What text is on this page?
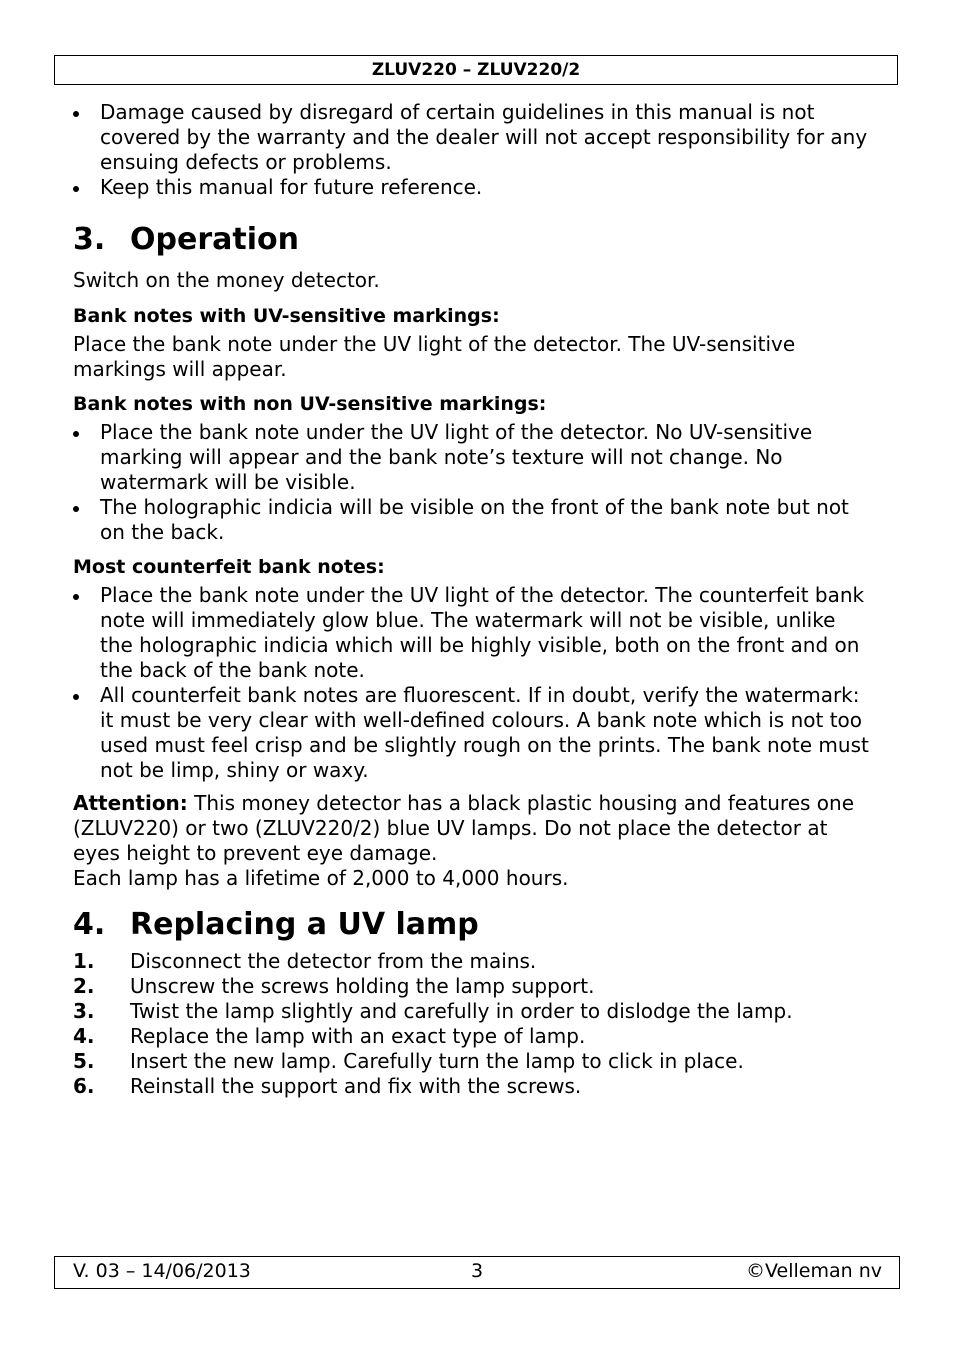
ZLUV220 – ZLUV220/2
Damage caused by disregard of certain guidelines in this manual is not covered by the warranty and the dealer will not accept responsibility for any ensuing defects or problems.
Keep this manual for future reference.
3. Operation

Switch on the money detector.

Bank notes with UV-sensitive markings:

Place the bank note under the UV light of the detector. The UV-sensitive markings will appear.

Bank notes with non UV-sensitive markings:

Place the bank note under the UV light of the detector. No UV-sensitive marking will appear and the bank note’s texture will not change. No watermark will be visible.
The holographic indicia will be visible on the front of the bank note but not on the back.

Most counterfeit bank notes:

Place the bank note under the UV light of the detector. The counterfeit bank note will immediately glow blue. The watermark will not be visible, unlike the holographic indicia which will be highly visible, both on the front and on the back of the bank note.
All counterfeit bank notes are fluorescent. If in doubt, verify the watermark: it must be very clear with well-defined colours. A bank note which is not too used must feel crisp and be slightly rough on the prints. The bank note must not be limp, shiny or waxy.

Attention: This money detector has a black plastic housing and features one (ZLUV220) or two (ZLUV220/2) blue UV lamps. Do not place the detector at eyes height to prevent eye damage.

Each lamp has a lifetime of 2,000 to 4,000 hours.

4. Replacing a UV lamp
1. Disconnect the detector from the mains.
2. Unscrew the screws holding the lamp support.
3. Twist the lamp slightly and carefully in order to dislodge the lamp.
4. Replace the lamp with an exact type of lamp.
5. Insert the new lamp. Carefully turn the lamp to click in place.
6. Reinstall the support and fix with the screws.
V. 03 – 14/06/2013	3	©Velleman nv
